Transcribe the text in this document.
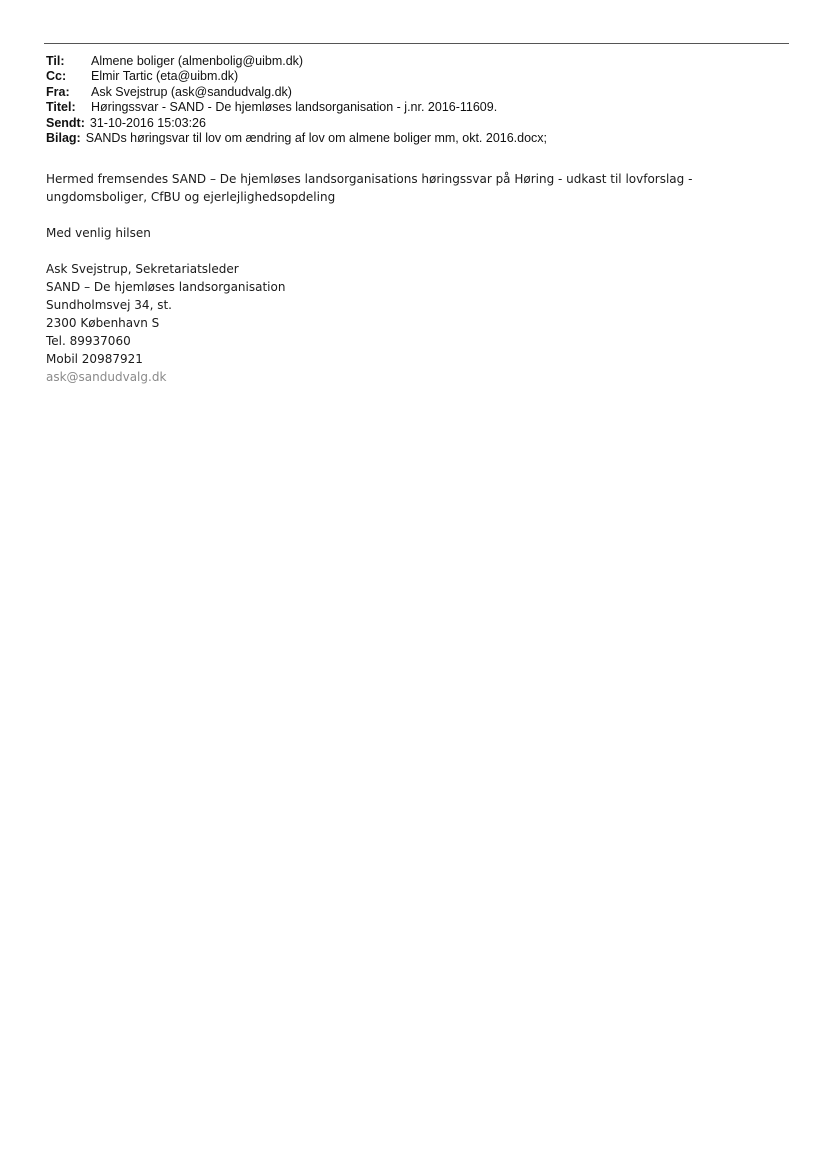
Til:	Almene boliger (almenbolig@uibm.dk)
Cc:	Elmir Tartic (eta@uibm.dk)
Fra:	Ask Svejstrup (ask@sandudvalg.dk)
Titel:	Høringssvar - SAND - De hjemløses landsorganisation - j.nr. 2016-11609.
Sendt: 31-10-2016 15:03:26
Bilag: SANDs høringsvar til lov om ændring af lov om almene boliger mm, okt. 2016.docx;

Hermed fremsendes SAND – De hjemløses landsorganisations høringssvar på Høring - udkast til lovforslag -

ungdomsboliger, CfBU og ejerlejlighedsopdeling

Med venlig hilsen

Ask Svejstrup, Sekretariatsleder

SAND – De hjemløses landsorganisation

Sundholmsvej 34, st.

2300 København S

Tel. 89937060

Mobil 20987921

ask@sandudvalg.dk
